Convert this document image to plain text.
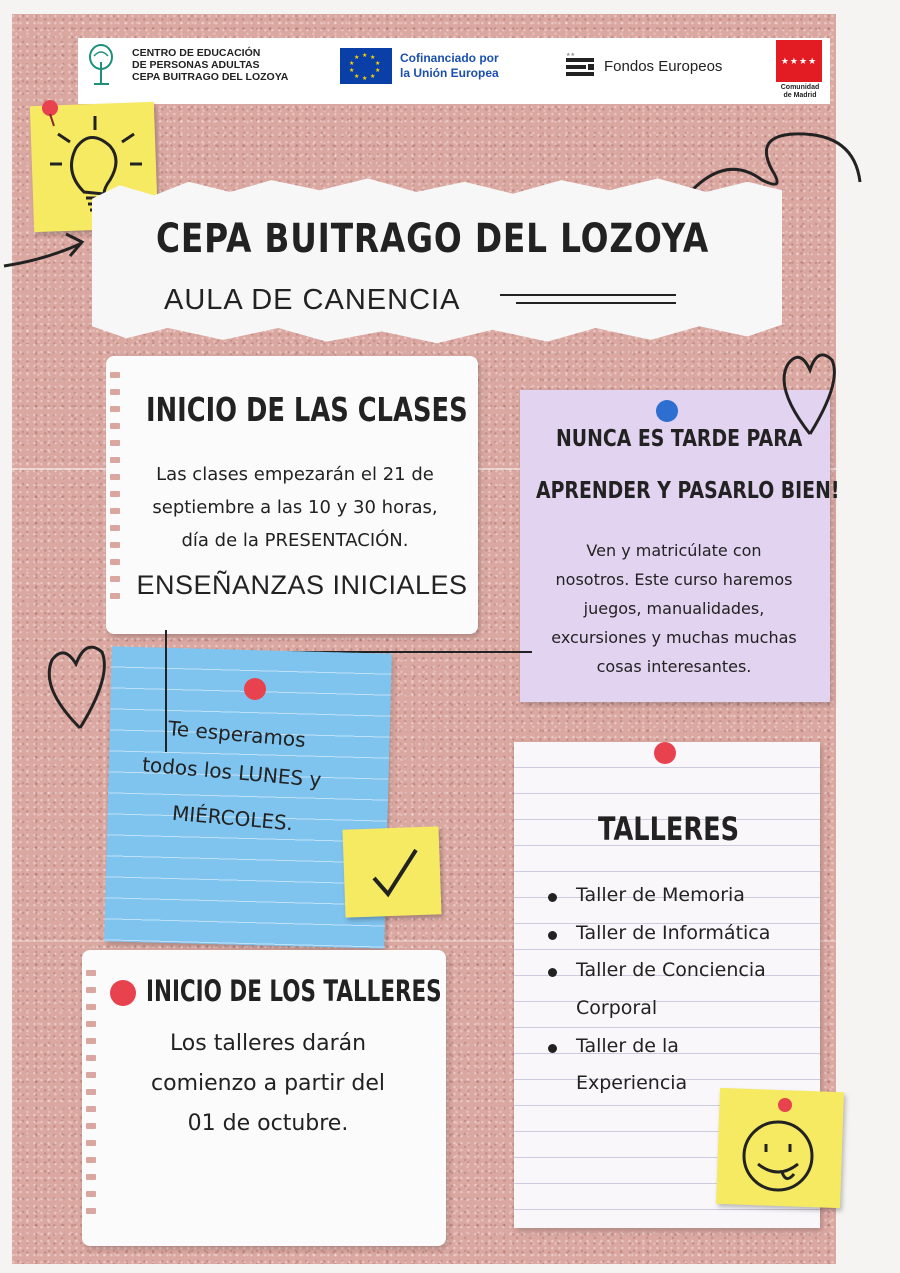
CENTRO DE EDUCACIÓN
DE PERSONAS ADULTAS
CEPA BUITRAGO DEL LOZOYA
★ ★
★
★
★
★
★
★
★
★	Cofinanciado por
la Unión Europea
★★
Fondos Europeos	★★★★

Comunidad
de Madrid
CEPA BUITRAGO DEL LOZOYA
AULA DE CANENCIA
INICIO DE LAS CLASES
Las clases empezarán el 21 de
septiembre a las 10 y 30 horas,
día de la PRESENTACIÓN.
ENSEÑANZAS INICIALES
NUNCA ES TARDE PARA
APRENDER Y PASARLO BIEN!
Ven y matricúlate con
nosotros. Este curso haremos
juegos, manualidades,
excursiones y muchas muchas
cosas interesantes.
Te esperamos
todos los LUNES y
MIÉRCOLES.	TALLERES
Taller de Memoria
Taller de Informática
Taller de Conciencia
Corporal
Taller de la
Experiencia
INICIO DE LOS TALLERES
Los talleres darán
comienzo a partir del
01 de octubre.
